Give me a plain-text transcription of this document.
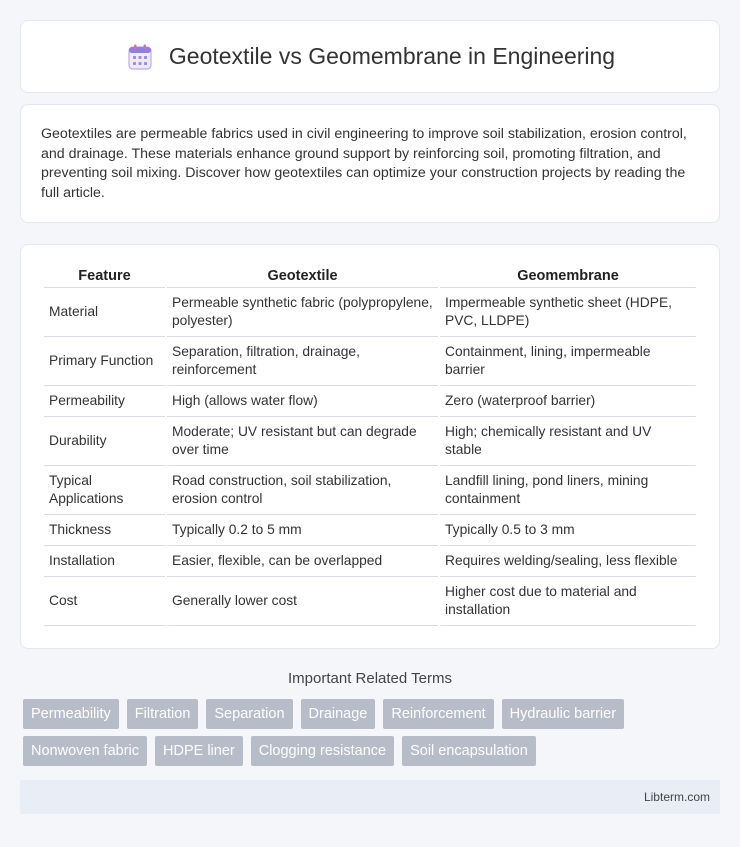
Geotextile vs Geomembrane in Engineering

Geotextiles are permeable fabrics used in civil engineering to improve soil stabilization, erosion control, and drainage. These materials enhance ground support by reinforcing soil, promoting filtration, and preventing soil mixing. Discover how geotextiles can optimize your construction projects by reading the full article.

Feature	Geotextile	Geomembrane
Material	Permeable synthetic fabric (polypropylene, polyester)	Impermeable synthetic sheet (HDPE, PVC, LLDPE)
Primary Function	Separation, filtration, drainage, reinforcement	Containment, lining, impermeable barrier
Permeability	High (allows water flow)	Zero (waterproof barrier)
Durability	Moderate; UV resistant but can degrade over time	High; chemically resistant and UV stable
Typical Applications	Road construction, soil stabilization, erosion control	Landfill lining, pond liners, mining containment
Thickness	Typically 0.2 to 5 mm	Typically 0.5 to 3 mm
Installation	Easier, flexible, can be overlapped	Requires welding/sealing, less flexible
Cost	Generally lower cost	Higher cost due to material and installation
Important Related Terms
Permeability	Filtration	Separation	Drainage	Reinforcement	Hydraulic barrier
Nonwoven fabric	HDPE liner	Clogging resistance	Soil encapsulation
Libterm.com
